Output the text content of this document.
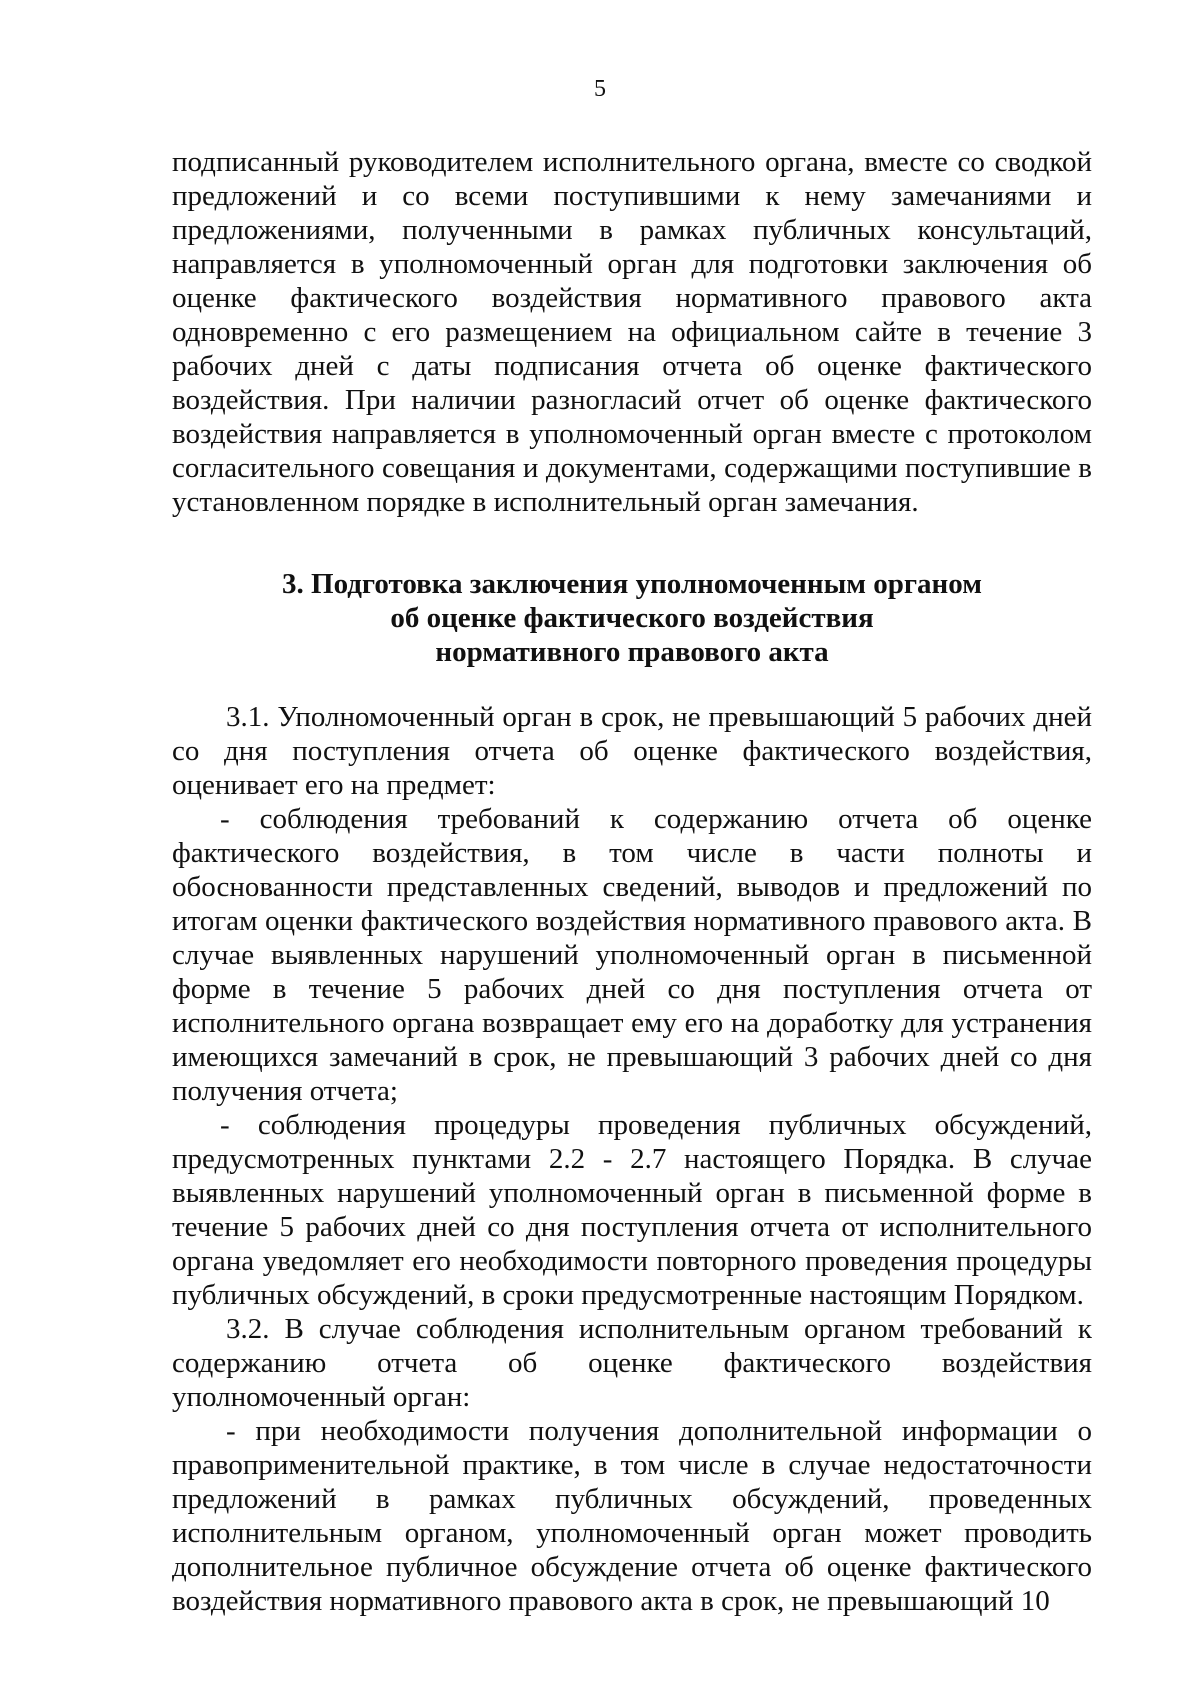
5

подписанный руководителем исполнительного органа, вместе со сводкой предложений и со всеми поступившими к нему замечаниями и предложениями, полученными в рамках публичных консультаций, направляется в уполномоченный орган для подготовки заключения об оценке фактического воздействия нормативного правового акта одновременно с его размещением на официальном сайте в течение 3 рабочих дней с даты подписания отчета об оценке фактического воздействия. При наличии разногласий отчет об оценке фактического воздействия направляется в уполномоченный орган вместе с протоколом согласительного совещания и документами, содержащими поступившие в установленном порядке в исполнительный орган замечания.

3. Подготовка заключения уполномоченным органом
об оценке фактического воздействия
нормативного правового акта

3.1. Уполномоченный орган в срок, не превышающий 5 рабочих дней со дня поступления отчета об оценке фактического воздействия, оценивает его на предмет:

- соблюдения требований к содержанию отчета об оценке фактического воздействия, в том числе в части полноты и обоснованности представленных сведений, выводов и предложений по итогам оценки фактического воздействия нормативного правового акта. В случае выявленных нарушений уполномоченный орган в письменной форме в течение 5 рабочих дней со дня поступления отчета от исполнительного органа возвращает ему его на доработку для устранения имеющихся замечаний в срок, не превышающий 3 рабочих дней со дня получения отчета;

- соблюдения процедуры проведения публичных обсуждений, предусмотренных пунктами 2.2 - 2.7 настоящего Порядка. В случае выявленных нарушений уполномоченный орган в письменной форме в течение 5 рабочих дней со дня поступления отчета от исполнительного органа уведомляет его необходимости повторного проведения процедуры публичных обсуждений, в сроки предусмотренные настоящим Порядком.

3.2. В случае соблюдения исполнительным органом требований к содержанию отчета об оценке фактического воздействия уполномоченный орган:

- при необходимости получения дополнительной информации о правоприменительной практике, в том числе в случае недостаточности предложений в рамках публичных обсуждений, проведенных исполнительным органом, уполномоченный орган может проводить дополнительное публичное обсуждение отчета об оценке фактического воздействия нормативного правового акта в срок, не превышающий 10
